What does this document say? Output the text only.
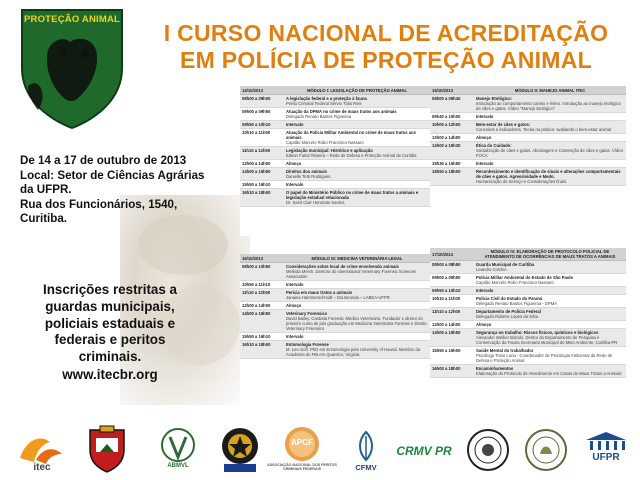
PROTEÇÃO ANIMAL
I CURSO NACIONAL DE ACREDITAÇÃO
EM POLÍCIA DE PROTEÇÃO ANIMAL
De 14 a 17 de outubro de 2013
Local: Setor de Ciências Agrárias da UFPR.
Rua dos Funcionários, 1540, Curitiba.
Inscrições restritas a guardas municipais, policiais estaduais e federais e peritos criminais.
www.itecbr.org
14/10/2013	MÓDULO I: LEGISLAÇÃO DE PROTEÇÃO ANIMAL
08h00 a 09h00	A legislação federal e a proteção à fauna
Perito Criminal Federal Sérvio Túlio Reis
09h00 a 09h50	Atuação da DPMA no crime de maus tratos aos animais
Delegado Renato Bastos Figueiroa
09h50 a 10h10	Intervalo
10h10 a 11h00	Atuação da Polícia Militar Ambiental no crime de maus tratos aos animais
Capitão Marcelo Robo Francisco Nassaro
11h10 a 12h00	Legislação municipal: Histórico e aplicação
Edson Farial Teixeira – Rede de Defesa e Proteção Animal de Curitiba
12h00 a 14h00	Almoço
14h00 a 15h50	Direitos dos animais
Danielle Tetü Rodrigues
15h50 a 16h10	Intervalo
16h10 a 18h00	O papel do Ministério Público no crime de maus tratos a animais e legislação estadual relacionada
Dr. Saint Clair Honorato Santos
15/10/2013	MÓDULO II: MANEJO ANIMAL ITEC
08h00 a 09h40	Manejo Etológico:
Introdução ao comportamento canino e felino. Introdução ao manejo etológico de cães e gatos. Vídeo "Manejo Etológico"
09h40 a 10h00	Intervalo
10h00 a 12h00	Bem-estar de cães e gatos:
Conceitos e indicadores. Teoria na prática: avaliando o bem-estar animal
12h00 a 14h00	Almoço
14h00 a 15h30	Ética do Cuidado:
Socialização de cães e gatos. Abordagem e Contenção de cães e gatos. Vídeo FOCA
15h30 a 15h50	Intervalo
15h50 a 18h00	Reconhecimento e identificação de sinais e alterações comportamentais de cães e gatos. Agressividade e Medo.
Humanização do Serviço e Considerações finais.
16/10/2013	MÓDULO III: MEDICINA VETERINÁRIA LEGAL
08h00 a 10h50	Considerações sobre local de crime envolvendo animais
Melinda Merck. Diretora do International Veterinary Forensic Sciences Association
10h50 a 11h10	Intervalo
11h10 a 12h00	Perícia em maus tratos a animais
Janaina Hammerschmidt – Doutoranda – LABEA-UFPR
12h00 a 14h00	Almoço
14h00 a 15h50	Veterinary Forensics
David Bailey. Cardiata Forensic Medico Veterinário. Fundador e diretor do primeiro curso de pós graduação em Medicina Veterinária Forense e Direito Veterinary Forensics
15h50 a 16h10	Intervalo
16h10 a 18h00	Entomologia Forense
M. Lee Goff. PhD em Entomologia pela University of Hawaii. Membro da Academia do FBI em Quantico, Virginia.
17/10/2013	MÓDULO IV: ELABORAÇÃO DE PROTOCOLO POLICIAL DE ATENDIMENTO DE OCORRÊNCIAS DE MAUS TRATOS A ANIMAIS
08h00 a 08h50	Guarda Municipal de Curitiba
Leandro Colchio
09h00 a 09h50	Polícia Militar Ambiental do Estado de São Paulo
Capitão Marcelo Robo Francisco Nassaro
09h50 a 10h10	Intervalo
10h10 a 11h00	Polícia Civil do Estado do Paraná
Delegado Renato Bastos Figueiroa - DPMA
11h10 a 12h00	Departamento de Polícia Federal
Delegado Rubens Lopes da Silva
12h00 a 14h00	Almoço
14h00 a 15h50	Segurança no trabalho: Riscos físicos, químicos e biológicos
Alexander Welker Biondo. Diretor do Departamento de Pesquisa e Conservação da Fauna Secretaria Municipal do Meio Ambiente, Curitiba-PR
15h50 a 16h00	Saúde Mental do trabalhador
Psicólogo Tonio Luna - Coordenador de Psicologia Ambiental da Rede de Defesa e Proteção Animal
16h00 a 18h00	Encaminhamentos
Elaboração do Protocolo de Atendimento em Casos de Maus Tratos a Animais
itec	ABMVL
APCF
ASSOCIAÇÃO NACIONAL DOS PERITOS CRIMINAIS FEDERAIS	CFMV
CRMV PR	UFPR
